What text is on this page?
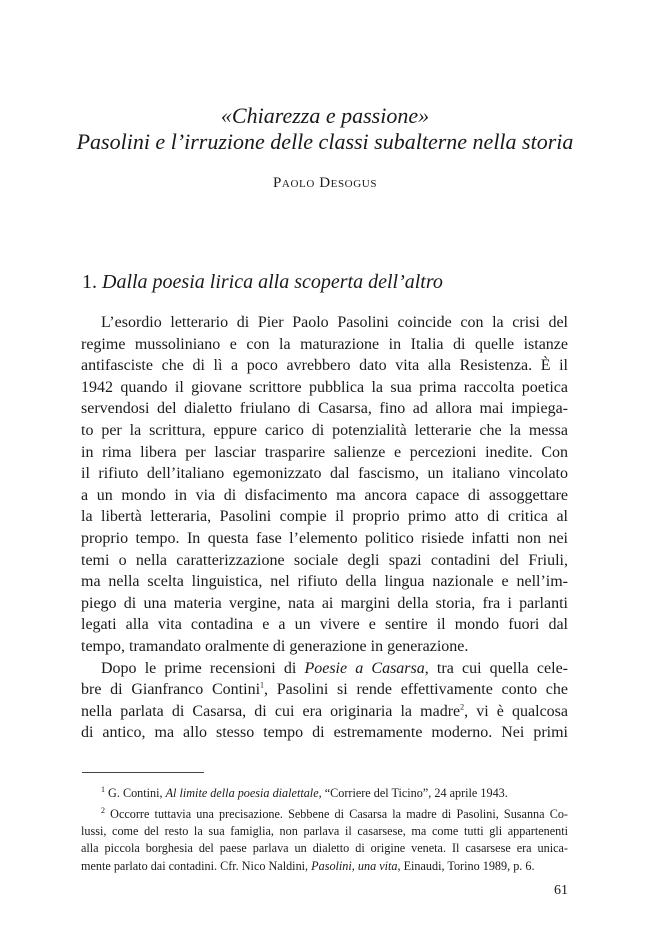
«Chiarezza e passione»
Pasolini e l’irruzione delle classi subalterne nella storia
Paolo Desogus
1. Dalla poesia lirica alla scoperta dell’altro
L’esordio letterario di Pier Paolo Pasolini coincide con la crisi del
regime mussoliniano e con la maturazione in Italia di quelle istanze
antifasciste che di lì a poco avrebbero dato vita alla Resistenza. È il
1942 quando il giovane scrittore pubblica la sua prima raccolta poetica
servendosi del dialetto friulano di Casarsa, fino ad allora mai impiega-
to per la scrittura, eppure carico di potenzialità letterarie che la messa
in rima libera per lasciar trasparire salienze e percezioni inedite. Con
il rifiuto dell’italiano egemonizzato dal fascismo, un italiano vincolato
a un mondo in via di disfacimento ma ancora capace di assoggettare
la libertà letteraria, Pasolini compie il proprio primo atto di critica al
proprio tempo. In questa fase l’elemento politico risiede infatti non nei
temi o nella caratterizzazione sociale degli spazi contadini del Friuli,
ma nella scelta linguistica, nel rifiuto della lingua nazionale e nell’im-
piego di una materia vergine, nata ai margini della storia, fra i parlanti
legati alla vita contadina e a un vivere e sentire il mondo fuori dal
tempo, tramandato oralmente di generazione in generazione.
Dopo le prime recensioni di Poesie a Casarsa, tra cui quella cele-
bre di Gianfranco Contini$^1$, Pasolini si rende effettivamente conto che
nella parlata di Casarsa, di cui era originaria la madre$^2$, vi è qualcosa
di antico, ma allo stesso tempo di estremamente moderno. Nei primi
$^1$ G. Contini, Al limite della poesia dialettale, “Corriere del Ticino”, 24 aprile 1943.
$^2$ Occorre tuttavia una precisazione. Sebbene di Casarsa la madre di Pasolini, Susanna Co-
lussi, come del resto la sua famiglia, non parlava il casarsese, ma come tutti gli appartenenti
alla piccola borghesia del paese parlava un dialetto di origine veneta. Il casarsese era unica-
mente parlato dai contadini. Cfr. Nico Naldini, Pasolini, una vita, Einaudi, Torino 1989, p. 6.
61
